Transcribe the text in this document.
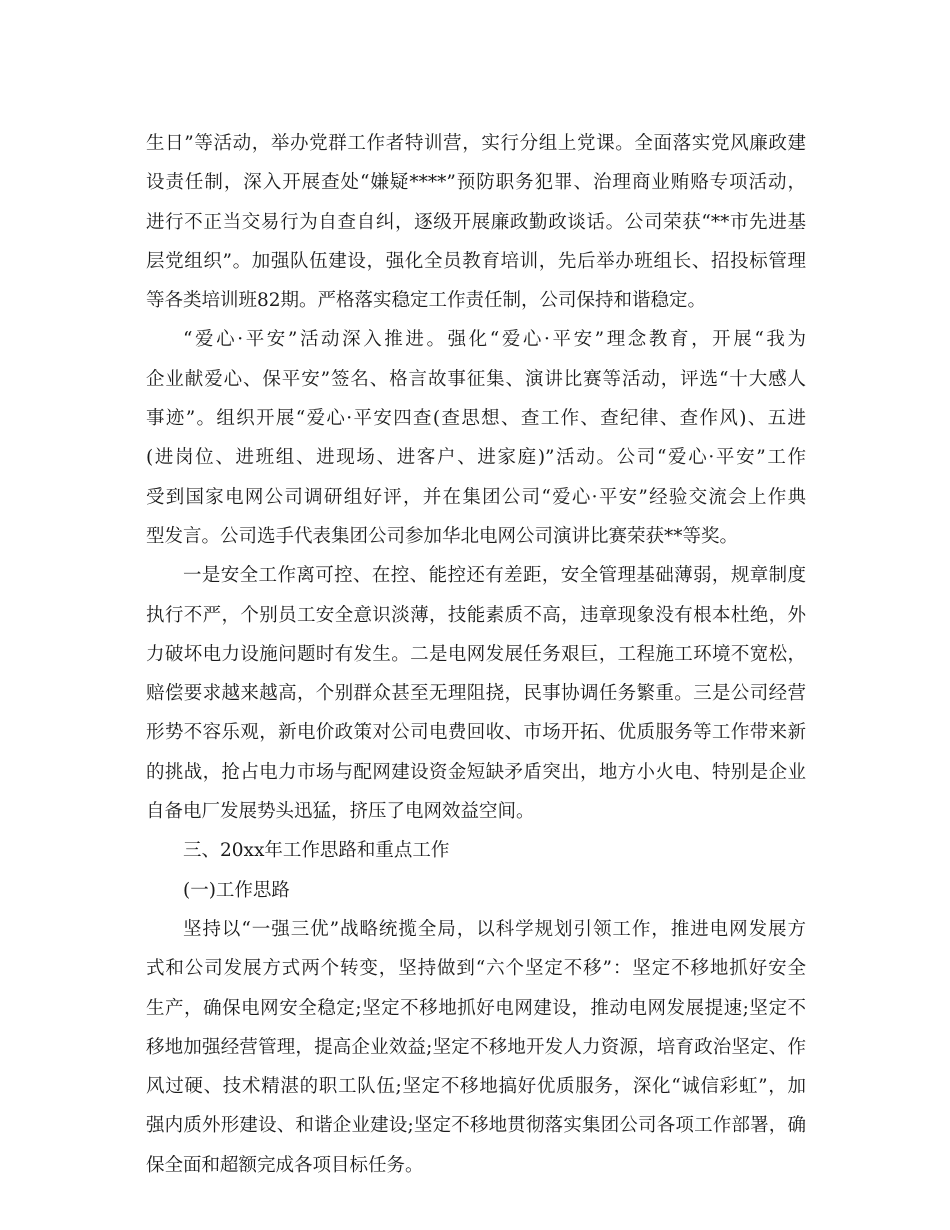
生日”等活动，举办党群工作者特训营，实行分组上党课。全面落实党风廉政建
设责任制，深入开展查处“嫌疑****”预防职务犯罪、治理商业贿赂专项活动，
进行不正当交易行为自查自纠，逐级开展廉政勤政谈话。公司荣获“**市先进基
层党组织”。加强队伍建设，强化全员教育培训，先后举办班组长、招投标管理
等各类培训班82期。严格落实稳定工作责任制，公司保持和谐稳定。
“爱心·平安”活动深入推进。强化“爱心·平安”理念教育，开展“我为
企业献爱心、保平安”签名、格言故事征集、演讲比赛等活动，评选“十大感人
事迹”。组织开展“爱心·平安四查(查思想、查工作、查纪律、查作风)、五进
(进岗位、进班组、进现场、进客户、进家庭)”活动。公司“爱心·平安”工作
受到国家电网公司调研组好评，并在集团公司“爱心·平安”经验交流会上作典
型发言。公司选手代表集团公司参加华北电网公司演讲比赛荣获**等奖。
一是安全工作离可控、在控、能控还有差距，安全管理基础薄弱，规章制度
执行不严，个别员工安全意识淡薄，技能素质不高，违章现象没有根本杜绝，外
力破坏电力设施问题时有发生。二是电网发展任务艰巨，工程施工环境不宽松，
赔偿要求越来越高，个别群众甚至无理阻挠，民事协调任务繁重。三是公司经营
形势不容乐观，新电价政策对公司电费回收、市场开拓、优质服务等工作带来新
的挑战，抢占电力市场与配网建设资金短缺矛盾突出，地方小火电、特别是企业
自备电厂发展势头迅猛，挤压了电网效益空间。
三、20xx年工作思路和重点工作
(一)工作思路
坚持以“一强三优”战略统揽全局，以科学规划引领工作，推进电网发展方
式和公司发展方式两个转变，坚持做到“六个坚定不移”：坚定不移地抓好安全
生产，确保电网安全稳定;坚定不移地抓好电网建设，推动电网发展提速;坚定不
移地加强经营管理，提高企业效益;坚定不移地开发人力资源，培育政治坚定、作
风过硬、技术精湛的职工队伍;坚定不移地搞好优质服务，深化“诚信彩虹”，加
强内质外形建设、和谐企业建设;坚定不移地贯彻落实集团公司各项工作部署，确
保全面和超额完成各项目标任务。
